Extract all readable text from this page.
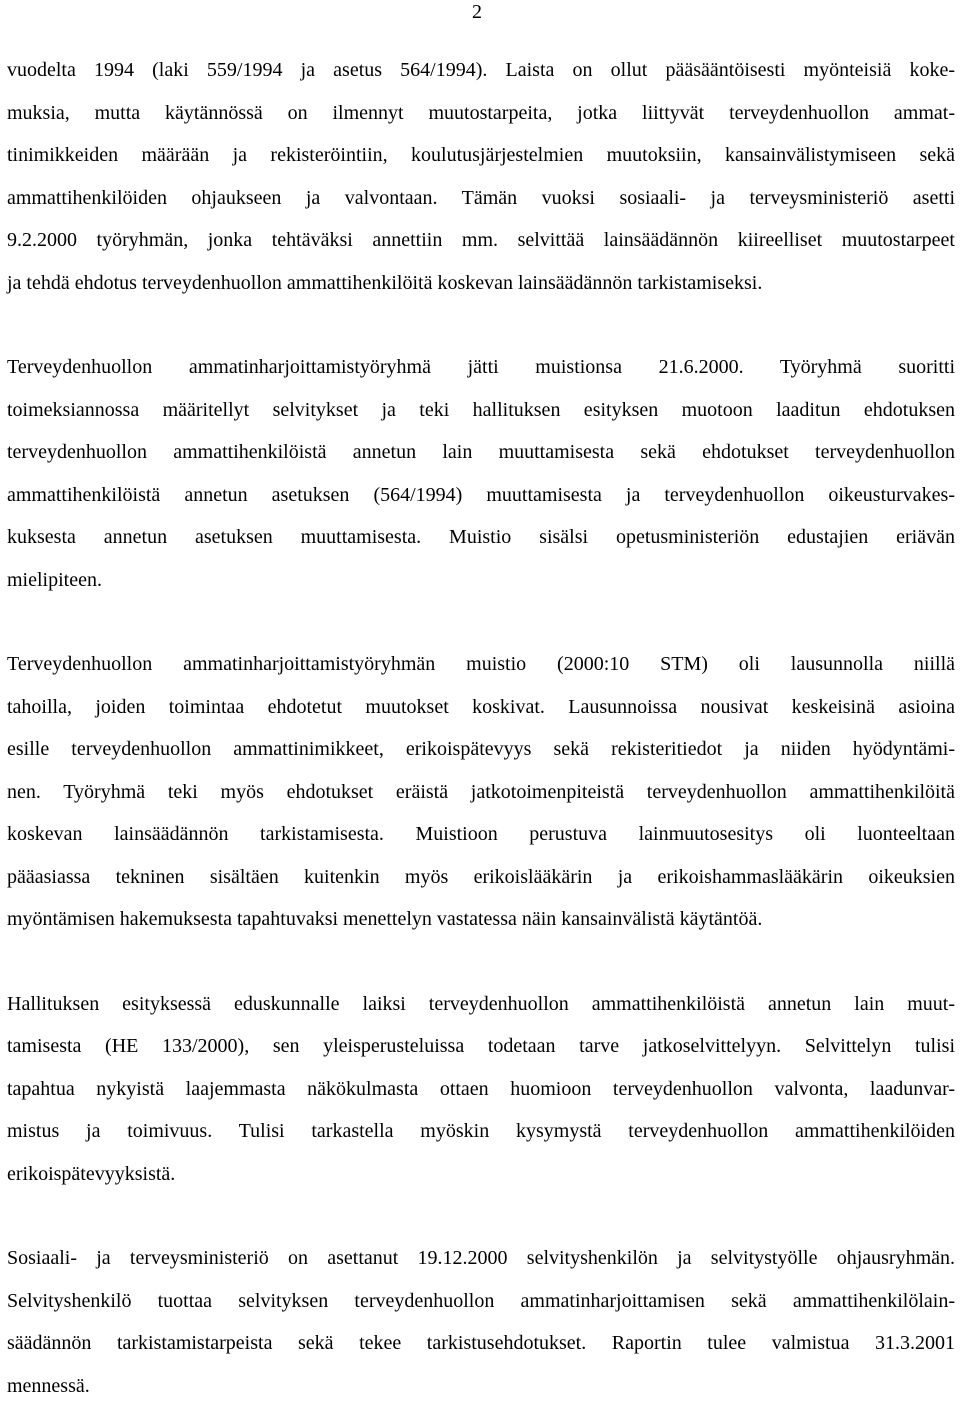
2

vuodelta 1994 (laki 559/1994 ja asetus 564/1994). Laista on ollut pääsääntöisesti myönteisiä koke-
muksia, mutta käytännössä on ilmennyt muutostarpeita, jotka liittyvät terveydenhuollon ammat-
tinimikkeiden määrään ja rekisteröintiin, koulutusjärjestelmien muutoksiin, kansainvälistymiseen sekä
ammattihenkilöiden ohjaukseen ja valvontaan. Tämän vuoksi sosiaali- ja terveysministeriö asetti
9.2.2000 työryhmän, jonka tehtäväksi annettiin mm. selvittää lainsäädännön kiireelliset muutostarpeet
ja tehdä ehdotus terveydenhuollon ammattihenkilöitä koskevan lainsäädännön tarkistamiseksi.

Terveydenhuollon ammatinharjoittamistyöryhmä jätti muistionsa 21.6.2000. Työryhmä suoritti
toimeksiannossa määritellyt selvitykset ja teki hallituksen esityksen muotoon laaditun ehdotuksen
terveydenhuollon ammattihenkilöistä annetun lain muuttamisesta sekä ehdotukset terveydenhuollon
ammattihenkilöistä annetun asetuksen (564/1994) muuttamisesta ja terveydenhuollon oikeusturvakes-
kuksesta annetun asetuksen muuttamisesta. Muistio sisälsi opetusministeriön edustajien eriävän
mielipiteen.

Terveydenhuollon ammatinharjoittamistyöryhmän muistio (2000:10 STM) oli lausunnolla niillä
tahoilla, joiden toimintaa ehdotetut muutokset koskivat. Lausunnoissa nousivat keskeisinä asioina
esille terveydenhuollon ammattinimikkeet, erikoispätevyys sekä rekisteritiedot ja niiden hyödyntämi-
nen. Työryhmä teki myös ehdotukset eräistä jatkotoimenpiteistä terveydenhuollon ammattihenkilöitä
koskevan lainsäädännön tarkistamisesta. Muistioon perustuva lainmuutosesitys oli luonteeltaan
pääasiassa tekninen sisältäen kuitenkin myös erikoislääkärin ja erikoishammaslääkärin oikeuksien
myöntämisen hakemuksesta tapahtuvaksi menettelyn vastatessa näin kansainvälistä käytäntöä.

Hallituksen esityksessä eduskunnalle laiksi terveydenhuollon ammattihenkilöistä annetun lain muut-
tamisesta (HE 133/2000), sen yleisperusteluissa todetaan tarve jatkoselvittelyyn. Selvittelyn tulisi
tapahtua nykyistä laajemmasta näkökulmasta ottaen huomioon terveydenhuollon valvonta, laadunvar-
mistus ja toimivuus. Tulisi tarkastella myöskin kysymystä terveydenhuollon ammattihenkilöiden
erikoispätevyyksistä.

Sosiaali- ja terveysministeriö on asettanut 19.12.2000 selvityshenkilön ja selvitystyölle ohjausryhmän.
Selvityshenkilö tuottaa selvityksen terveydenhuollon ammatinharjoittamisen sekä ammattihenkilölain-
säädännön tarkistamistarpeista sekä tekee tarkistusehdotukset. Raportin tulee valmistua 31.3.2001
mennessä.
